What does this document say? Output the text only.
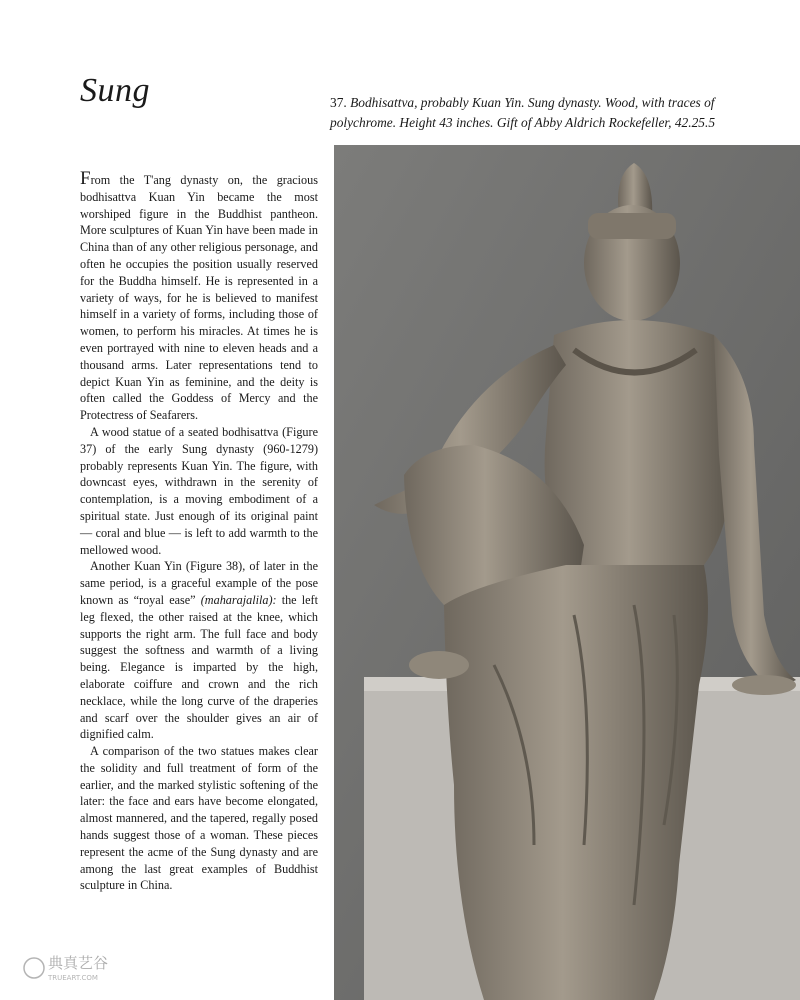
Sung	37. Bodhisattva, probably Kuan Yin. Sung dynasty. Wood, with traces of polychrome. Height 43 inches. Gift of Abby Aldrich Rockefeller, 42.25.5

From the T'ang dynasty on, the gracious bodhisattva Kuan Yin became the most worshiped figure in the Buddhist pantheon. More sculptures of Kuan Yin have been made in China than of any other religious personage, and often he occupies the position usually reserved for the Buddha himself. He is represented in a variety of ways, for he is believed to manifest himself in a variety of forms, including those of women, to perform his miracles. At times he is even portrayed with nine to eleven heads and a thousand arms. Later representations tend to depict Kuan Yin as feminine, and the deity is often called the Goddess of Mercy and the Protectress of Seafarers.

A wood statue of a seated bodhisattva (Figure 37) of the early Sung dynasty (960-1279) probably represents Kuan Yin. The figure, with downcast eyes, withdrawn in the serenity of contemplation, is a moving embodiment of a spiritual state. Just enough of its original paint — coral and blue — is left to add warmth to the mellowed wood.

Another Kuan Yin (Figure 38), of later in the same period, is a graceful example of the pose known as “royal ease” (maharajalila): the left leg flexed, the other raised at the knee, which supports the right arm. The full face and body suggest the softness and warmth of a living being. Elegance is imparted by the high, elaborate coiffure and crown and the rich necklace, while the long curve of the draperies and scarf over the shoulder gives an air of dignified calm.

A comparison of the two statues makes clear the solidity and full treatment of form of the earlier, and the marked stylistic softening of the later: the face and ears have become elongated, almost mannered, and the tapered, regally posed hands suggest those of a woman. These pieces represent the acme of the Sung dynasty and are among the last great examples of Buddhist sculpture in China.

典真艺谷
TRUEART.COM
